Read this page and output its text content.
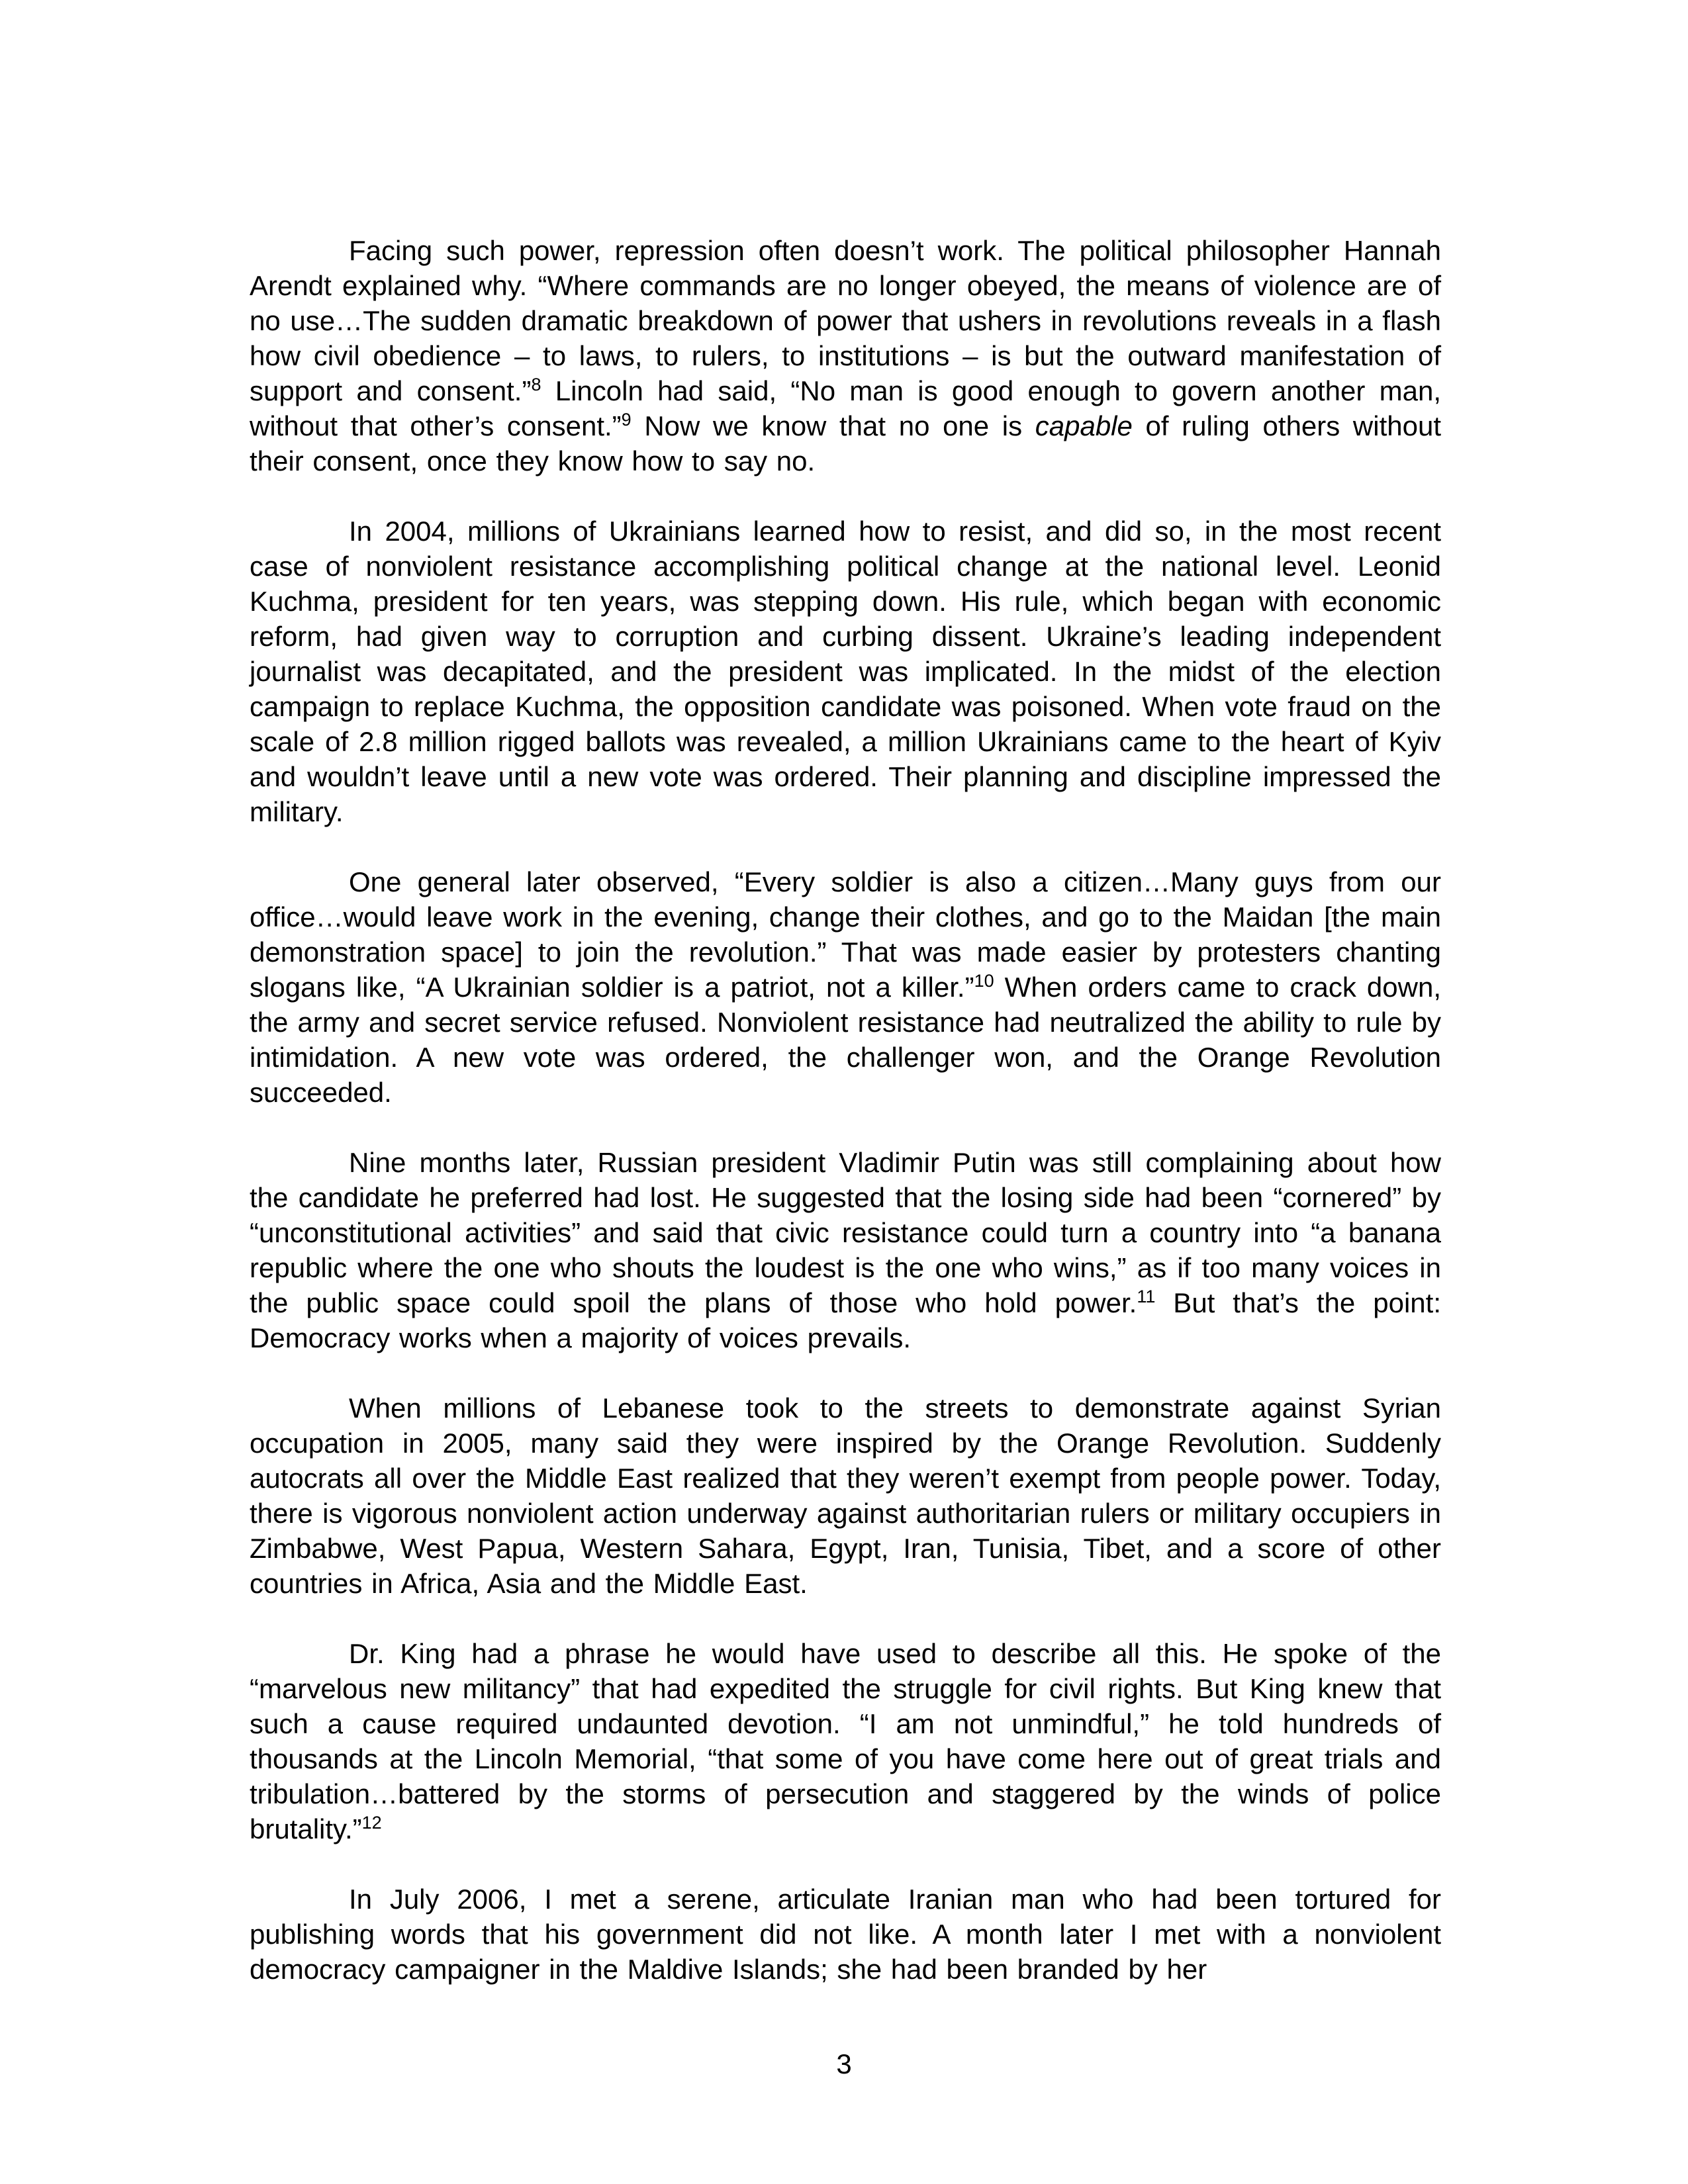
Facing such power, repression often doesn’t work. The political philosopher Hannah Arendt explained why. “Where commands are no longer obeyed, the means of violence are of no use…The sudden dramatic breakdown of power that ushers in revolutions reveals in a flash how civil obedience – to laws, to rulers, to institutions – is but the outward manifestation of support and consent.”$^8$ Lincoln had said, “No man is good enough to govern another man, without that other’s consent.”$^9$ Now we know that no one is capable of ruling others without their consent, once they know how to say no.

In 2004, millions of Ukrainians learned how to resist, and did so, in the most recent case of nonviolent resistance accomplishing political change at the national level. Leonid Kuchma, president for ten years, was stepping down. His rule, which began with economic reform, had given way to corruption and curbing dissent. Ukraine’s leading independent journalist was decapitated, and the president was implicated. In the midst of the election campaign to replace Kuchma, the opposition candidate was poisoned. When vote fraud on the scale of 2.8 million rigged ballots was revealed, a million Ukrainians came to the heart of Kyiv and wouldn’t leave until a new vote was ordered. Their planning and discipline impressed the military.

One general later observed, “Every soldier is also a citizen…Many guys from our office…would leave work in the evening, change their clothes, and go to the Maidan [the main demonstration space] to join the revolution.” That was made easier by protesters chanting slogans like, “A Ukrainian soldier is a patriot, not a killer.”$^{10}$ When orders came to crack down, the army and secret service refused. Nonviolent resistance had neutralized the ability to rule by intimidation. A new vote was ordered, the challenger won, and the Orange Revolution succeeded.

Nine months later, Russian president Vladimir Putin was still complaining about how the candidate he preferred had lost. He suggested that the losing side had been “cornered” by “unconstitutional activities” and said that civic resistance could turn a country into “a banana republic where the one who shouts the loudest is the one who wins,” as if too many voices in the public space could spoil the plans of those who hold power.$^{11}$ But that’s the point: Democracy works when a majority of voices prevails.

When millions of Lebanese took to the streets to demonstrate against Syrian occupation in 2005, many said they were inspired by the Orange Revolution. Suddenly autocrats all over the Middle East realized that they weren’t exempt from people power. Today, there is vigorous nonviolent action underway against authoritarian rulers or military occupiers in Zimbabwe, West Papua, Western Sahara, Egypt, Iran, Tunisia, Tibet, and a score of other countries in Africa, Asia and the Middle East.

Dr. King had a phrase he would have used to describe all this. He spoke of the “marvelous new militancy” that had expedited the struggle for civil rights. But King knew that such a cause required undaunted devotion. “I am not unmindful,” he told hundreds of thousands at the Lincoln Memorial, “that some of you have come here out of great trials and tribulation…battered by the storms of persecution and staggered by the winds of police brutality.”$^{12}$

In July 2006, I met a serene, articulate Iranian man who had been tortured for publishing words that his government did not like. A month later I met with a nonviolent democracy campaigner in the Maldive Islands; she had been branded by her

3
